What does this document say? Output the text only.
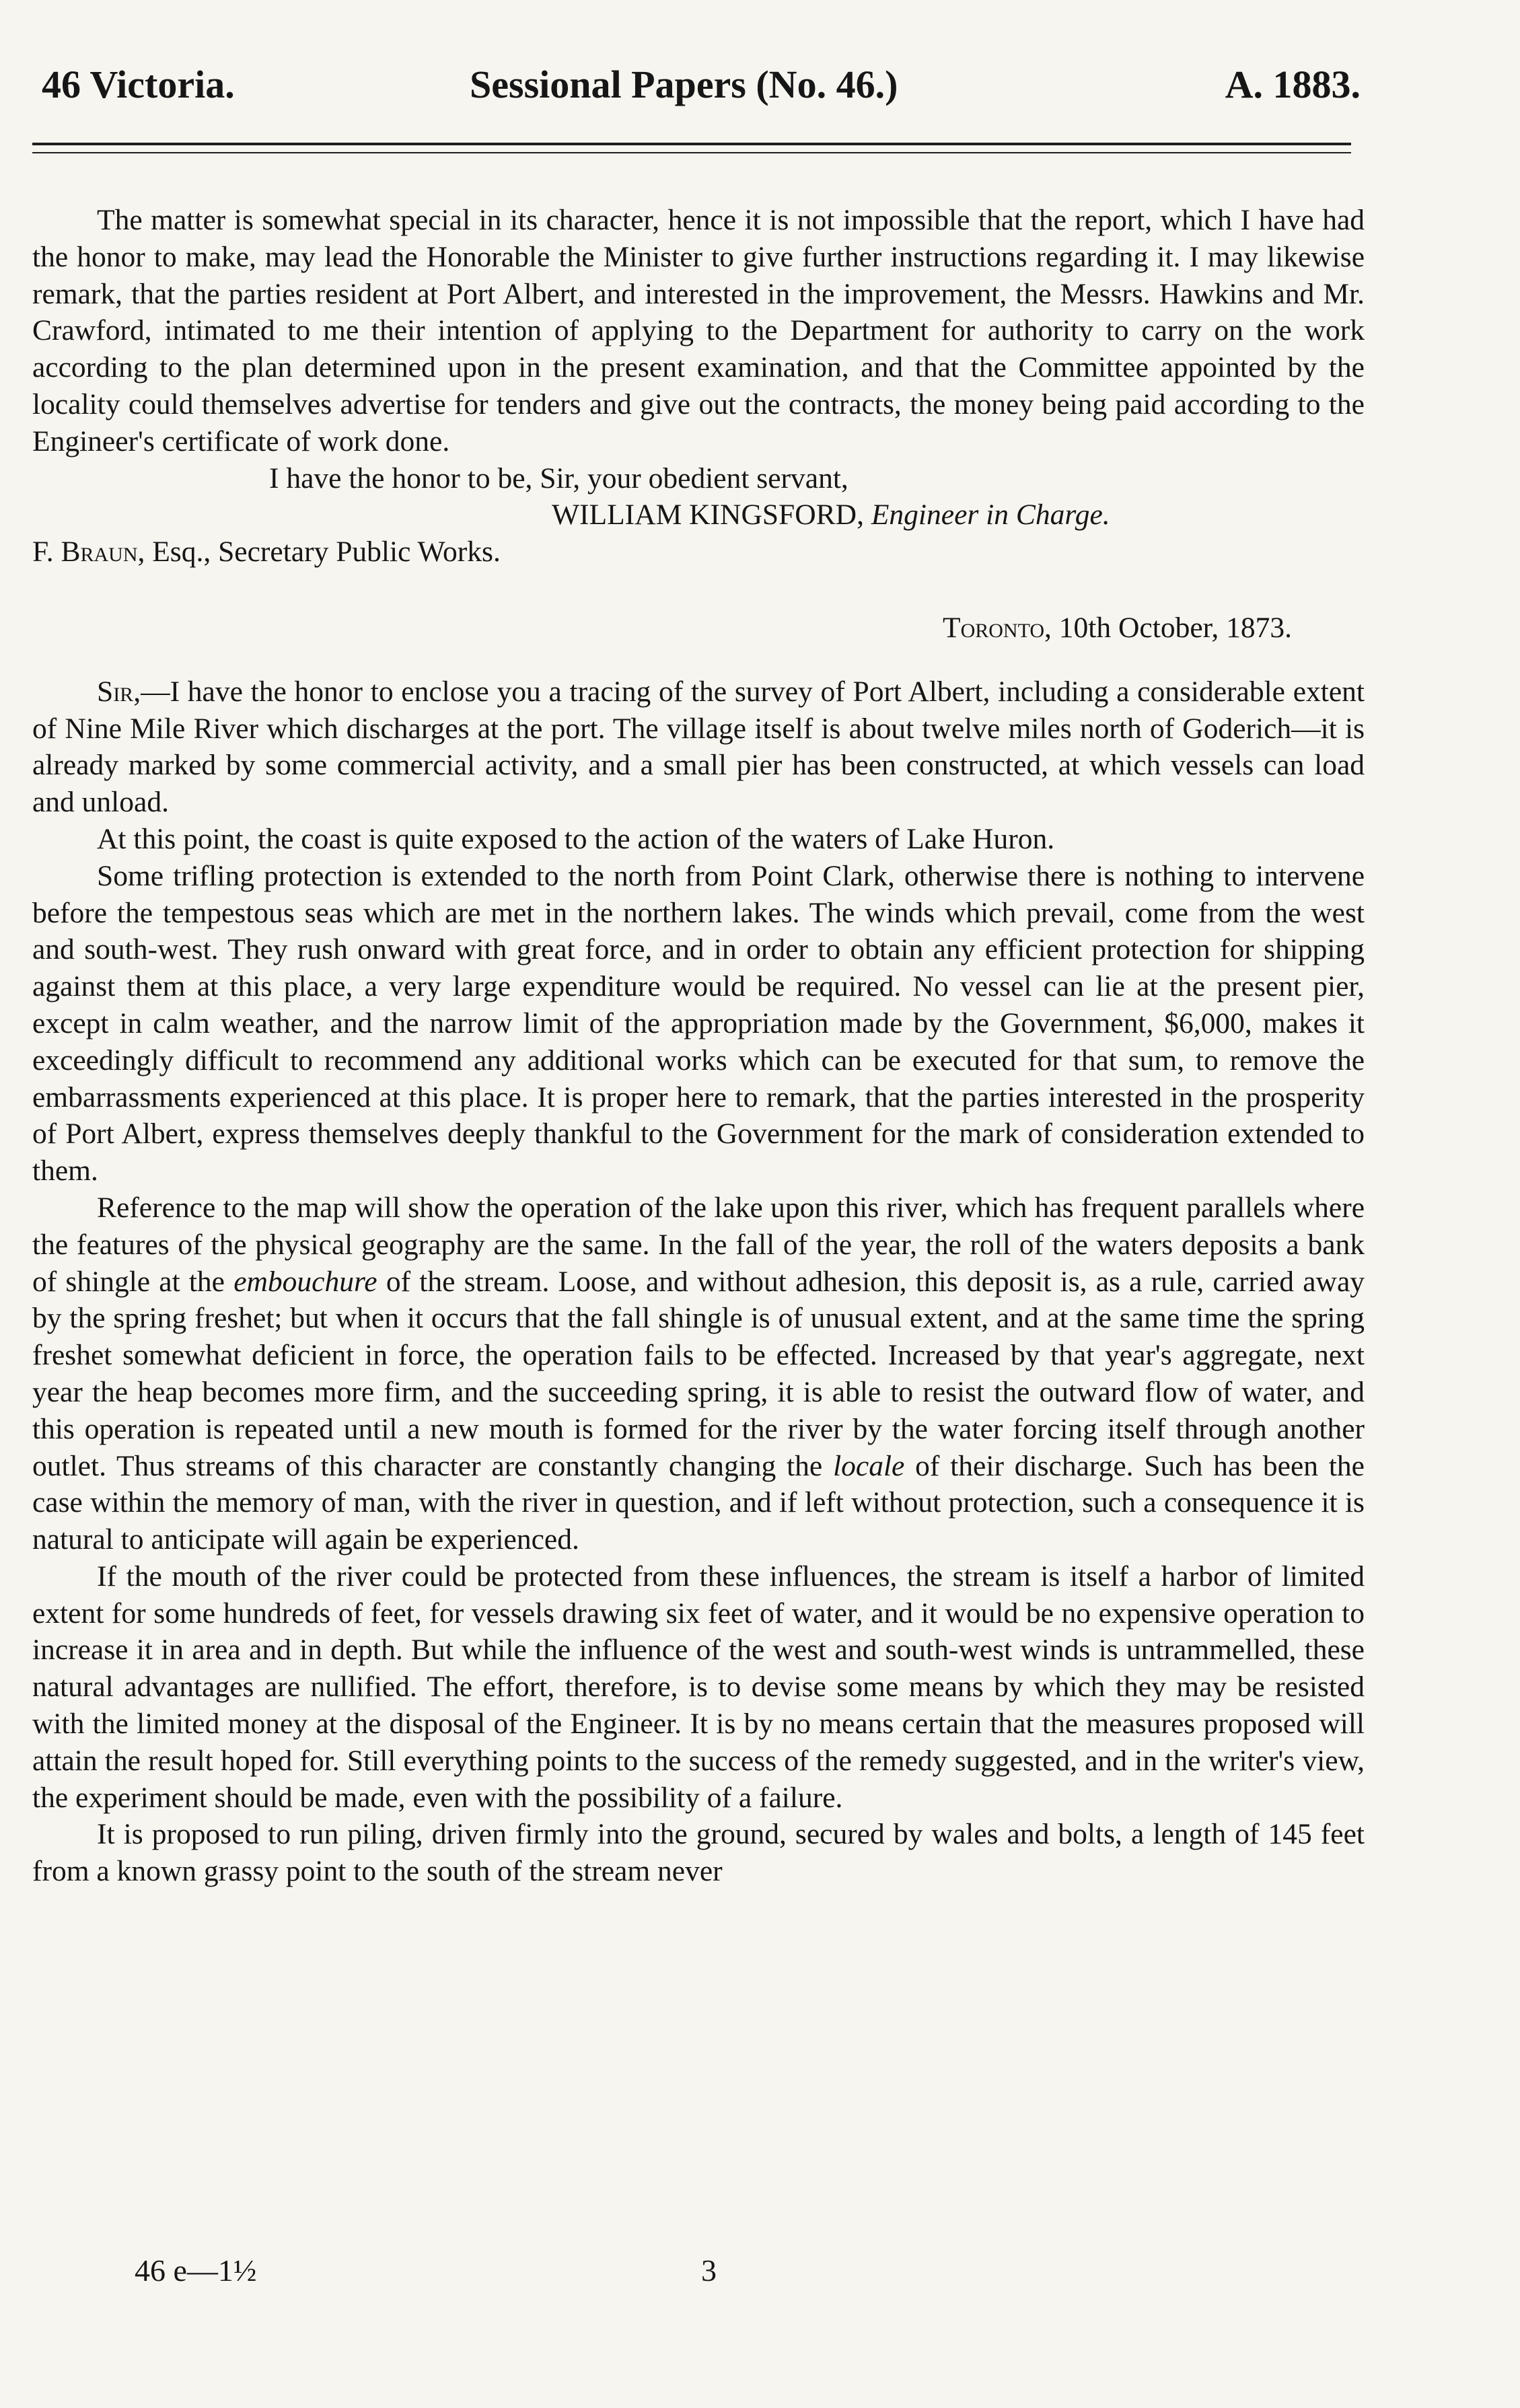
46 Victoria.	Sessional Papers (No. 46.)	A. 1883.

The matter is somewhat special in its character, hence it is not impossible that the report, which I have had the honor to make, may lead the Honorable the Minister to give further instructions regarding it. I may likewise remark, that the parties resident at Port Albert, and interested in the improvement, the Messrs. Hawkins and Mr. Crawford, intimated to me their intention of applying to the Department for authority to carry on the work according to the plan determined upon in the present examination, and that the Committee appointed by the locality could themselves advertise for tenders and give out the contracts, the money being paid according to the Engineer's certificate of work done.

I have the honor to be, Sir, your obedient servant,
WILLIAM KINGSFORD, Engineer in Charge.
F. Braun, Esq., Secretary Public Works.
Toronto, 10th October, 1873.

Sir,—I have the honor to enclose you a tracing of the survey of Port Albert, including a considerable extent of Nine Mile River which discharges at the port. The village itself is about twelve miles north of Goderich—it is already marked by some commercial activity, and a small pier has been constructed, at which vessels can load and unload.

At this point, the coast is quite exposed to the action of the waters of Lake Huron.

Some trifling protection is extended to the north from Point Clark, otherwise there is nothing to intervene before the tempestous seas which are met in the northern lakes. The winds which prevail, come from the west and south-west. They rush onward with great force, and in order to obtain any efficient protection for shipping against them at this place, a very large expenditure would be required. No vessel can lie at the present pier, except in calm weather, and the narrow limit of the appropriation made by the Government, $6,000, makes it exceedingly difficult to recommend any additional works which can be executed for that sum, to remove the embarrassments experienced at this place. It is proper here to remark, that the parties interested in the prosperity of Port Albert, express themselves deeply thankful to the Government for the mark of consideration extended to them.

Reference to the map will show the operation of the lake upon this river, which has frequent parallels where the features of the physical geography are the same. In the fall of the year, the roll of the waters deposits a bank of shingle at the embouchure of the stream. Loose, and without adhesion, this deposit is, as a rule, carried away by the spring freshet; but when it occurs that the fall shingle is of unusual extent, and at the same time the spring freshet somewhat deficient in force, the operation fails to be effected. Increased by that year's aggregate, next year the heap becomes more firm, and the succeeding spring, it is able to resist the outward flow of water, and this operation is repeated until a new mouth is formed for the river by the water forcing itself through another outlet. Thus streams of this character are constantly changing the locale of their discharge. Such has been the case within the memory of man, with the river in question, and if left without protection, such a consequence it is natural to anticipate will again be experienced.

If the mouth of the river could be protected from these influences, the stream is itself a harbor of limited extent for some hundreds of feet, for vessels drawing six feet of water, and it would be no expensive operation to increase it in area and in depth. But while the influence of the west and south-west winds is untrammelled, these natural advantages are nullified. The effort, therefore, is to devise some means by which they may be resisted with the limited money at the disposal of the Engineer. It is by no means certain that the measures proposed will attain the result hoped for. Still everything points to the success of the remedy suggested, and in the writer's view, the experiment should be made, even with the possibility of a failure.

It is proposed to run piling, driven firmly into the ground, secured by wales and bolts, a length of 145 feet from a known grassy point to the south of the stream never

46 e—1½	3
